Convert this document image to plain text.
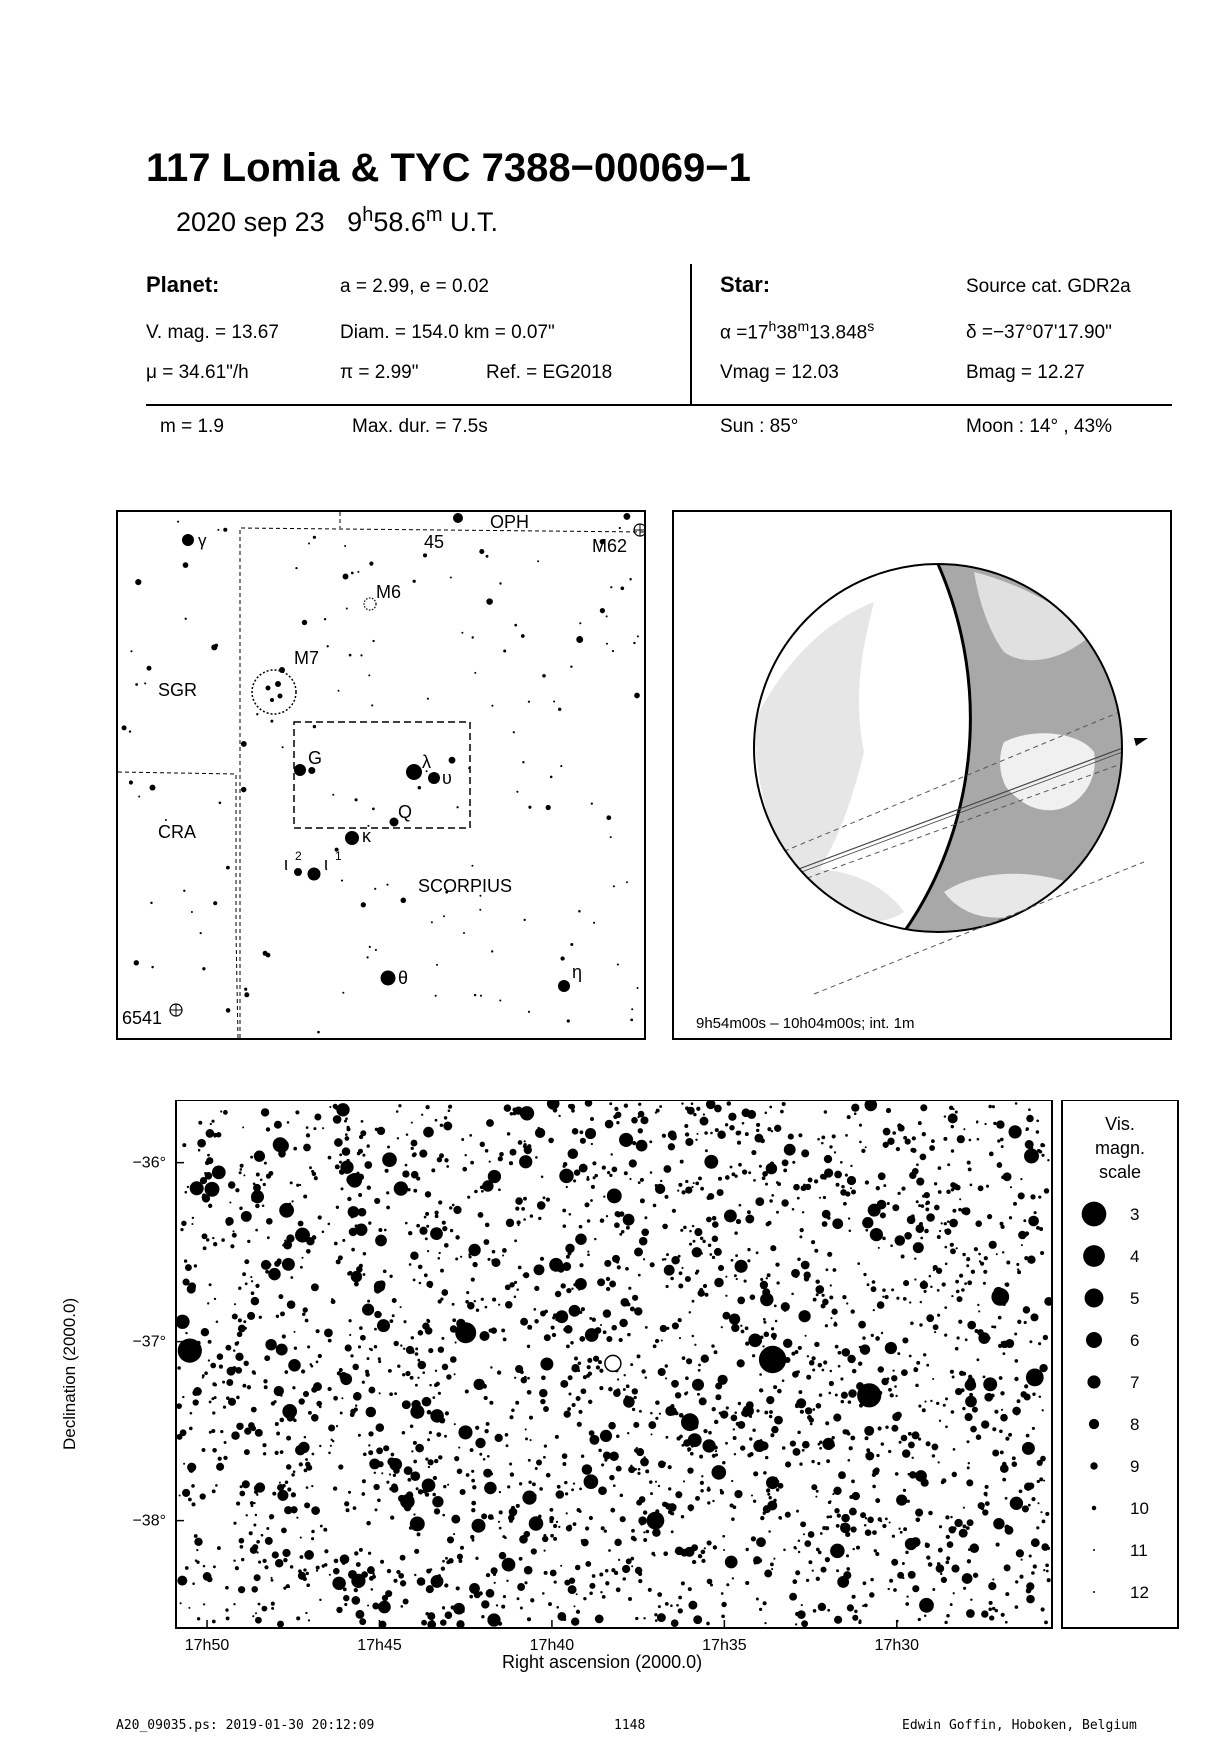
117 Lomia & TYC 7388−00069−1
2020 sep 23 9$^h$58.6$^m$ U.T.
Planet:	a = 2.99, e = 0.02
V. mag. = 13.67	Diam. = 154.0 km = 0.07"
μ = 34.61"/h	π = 2.99"	Ref. = EG2018
Star:	Source cat. GDR2a
$\alpha =17^h38^m13.848^s$	δ =−37°07'17.90"
Vmag = 12.03	Bmag = 12.27
m = 1.9	Max. dur. = 7.5s	Sun : 85°	Moon : 14° , 43%
γ
OPH
45	M62
M6
M7
SGR
G	λ
υ
Q
CRA	κ
ι 2 ι 1
SCORPIUS
θ	η
6541	9h54m00s – 10h04m00s; int. 1m
17h50	17h45	17h40	17h35	17h30
−36°
−37°
−38°
Vis.
magn.
scale
3
4
5
6
7
8
9
10
11
12
Declination (2000.0)
Right ascension (2000.0)
A20_09035.ps: 2019-01-30 20:12:09	1148	Edwin Goffin, Hoboken, Belgium
